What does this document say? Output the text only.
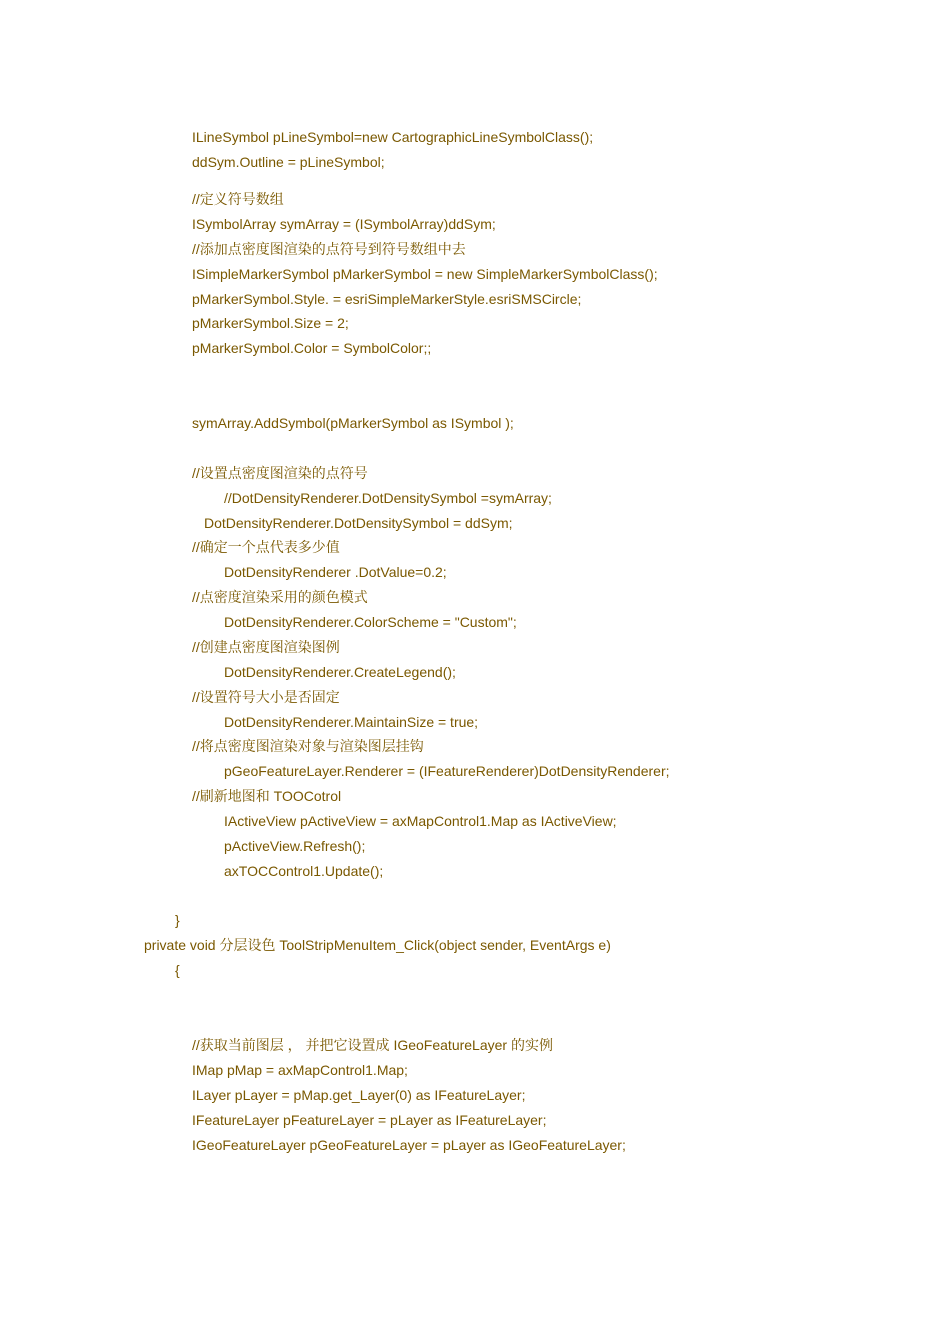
ILineSymbol pLineSymbol=new CartographicLineSymbolClass();
ddSym.Outline = pLineSymbol;
//定义符号数组
ISymbolArray symArray = (ISymbolArray)ddSym;
//添加点密度图渲染的点符号到符号数组中去
ISimpleMarkerSymbol pMarkerSymbol = new SimpleMarkerSymbolClass();
pMarkerSymbol.Style. = esriSimpleMarkerStyle.esriSMSCircle;
pMarkerSymbol.Size = 2;
pMarkerSymbol.Color = SymbolColor;;
symArray.AddSymbol(pMarkerSymbol as ISymbol );
//设置点密度图渲染的点符号
//DotDensityRenderer.DotDensitySymbol =symArray;
DotDensityRenderer.DotDensitySymbol = ddSym;
//确定一个点代表多少值
DotDensityRenderer .DotValue=0.2;
//点密度渲染采用的颜色模式
DotDensityRenderer.ColorScheme = "Custom";
//创建点密度图渲染图例
DotDensityRenderer.CreateLegend();
//设置符号大小是否固定
DotDensityRenderer.MaintainSize = true;
//将点密度图渲染对象与渲染图层挂钩
pGeoFeatureLayer.Renderer = (IFeatureRenderer)DotDensityRenderer;
//刷新地图和 TOOCotrol
IActiveView pActiveView = axMapControl1.Map as IActiveView;
pActiveView.Refresh();
axTOCControl1.Update();
}
private void 分层设色 ToolStripMenuItem_Click(object sender, EventArgs e)
{
//获取当前图层 ， 并把它设置成 IGeoFeatureLayer 的实例
IMap pMap = axMapControl1.Map;
ILayer pLayer = pMap.get_Layer(0) as IFeatureLayer;
IFeatureLayer pFeatureLayer = pLayer as IFeatureLayer;
IGeoFeatureLayer pGeoFeatureLayer = pLayer as IGeoFeatureLayer;
